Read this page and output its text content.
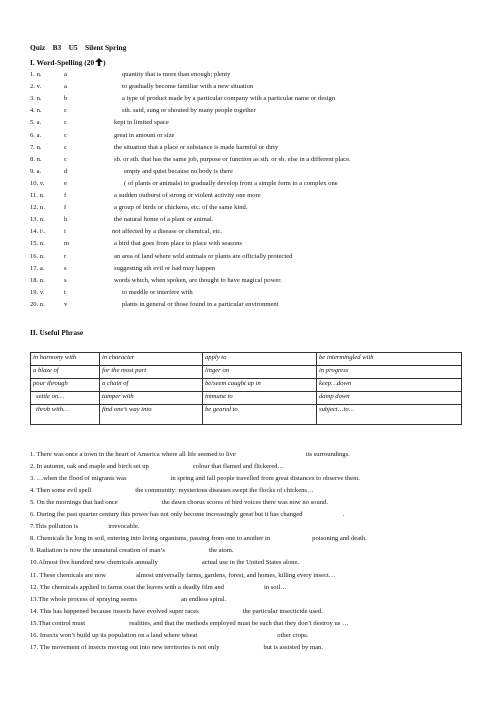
Quiz    B3    U5    Silent Spring
I. Word-Spelling (20 )
1. n.	a	quantity that is more than enough; plenty
2. v.	a	to gradually become familiar with a new situation
3. n.	b	a type of product made by a particular company with a particular name or design
4. n.	c	sth. said, sung or shouted by many people together
5. a.	c	kept in limited space
6. a.	c	great in amount or size
7. n.	c	the situation that a place or substance is made harmful or dirty
8. n.	c	sb. or sth. that has the same job, purpose or function as sth. or sb. else in a different place.
9. a.	d	empty and quiet because no body is there
10. v.	e	( of plants or animals) to gradually develop from a simple form to a complex one
11. n.	f	a sudden outburst of strong or violent activity one more
12. n.	f	a group of birds or chickens, etc. of the same kind.
13. n.	h	the natural home of a plant or animal.
14. i\.	i	not affected by a disease or chemical, etc.
15. n.	m	a bird that goes from place to place with seasons
16. n.	r	an area of land where wild animals or plants are officially protected
17. a.	s	suggesting sth evil or bad may happen
18. n.	s	words which, when spoken, are thought to have magical power.
19. v.	t	to meddle or interfere with
20. n.	v	plants in general or those found in a particular environment
II. Useful Phrase
in harmony with	in character	apply to	be intermingled with
a blaze of	for the most part	linger on	in progress
pour through	a chain of	be/seem caught up in	keep…down
settle on…	tamper with	immune to	damp down
throb with…	find one’s way into	be geared to	subject…to…
1. There was once a town in the heart of America where all life seemed to live	its surroundings.
2. In autumn, oak and maple and birch set up	colour that flamed and flickered…
3. …when the flood of migrants was	in spring and fall people travelled from great distances to observe them.
4. Then some evil spell	the community: mysterious diseases swept the flocks of chickens…
5. On the mornings that had once	the dawn chorus scores of bird voices there was now no sound.
6. During the past quarter century this power has not only become increasingly great but it has changed	.
7.This pollution is	irrevocable.
8. Chemicals lie long in soil, entering into living organisms, passing from one to another in	poisoning and death.
9. Radiation is now the unnatural creation of man’s	the atom.
10.Almost five hundred new chemicals annually	actual use in the United States alone.
11. These chemicals are now	almost universally farms, gardens, forest, and homes, killing every insect…
12. The chemicals applied to farms coat the leaves with a deadly film and	in soil…
13.The whole process of spraying seems	an endless spiral.
14. This has happened because insects have evolved super races	the particular insecticide used.
15.That control must	realities, and that the methods employed must be such that they don’t destroy us …
16. Insects won’t build up its population on a land where wheat	other crops.
17. The movement of insects moving out into new territories is not only	but is assisted by man.
